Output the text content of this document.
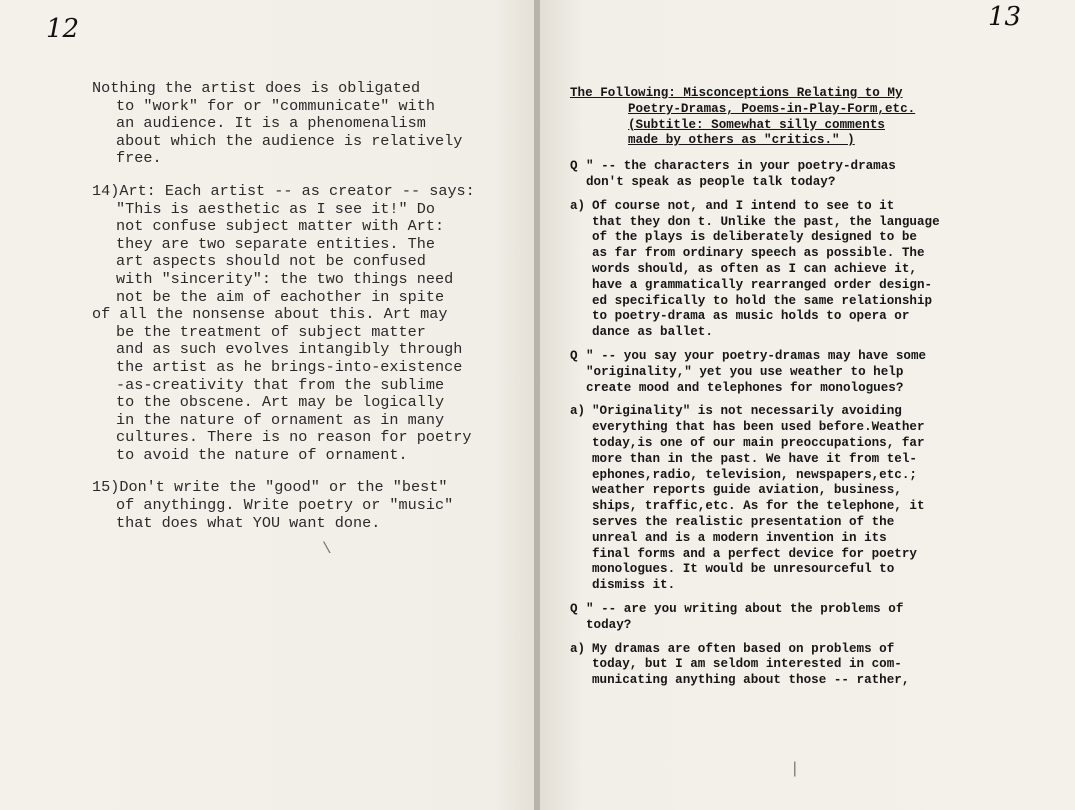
12

Nothing the artist does is obligated

to "work" for or "communicate" with

an audience. It is a phenomenalism

about which the audience is relatively

free.

14)Art: Each artist -- as creator -- says:

"This is aesthetic as I see it!" Do

not confuse subject matter with Art:

they are two separate entities. The

art aspects should not be confused

with "sincerity": the two things need

not be the aim of eachother in spite

of all the nonsense about this. Art may

be the treatment of subject matter

and as such evolves intangibly through

the artist as he brings-into-existence

-as-creativity that from the sublime

to the obscene. Art may be logically

in the nature of ornament as in many

cultures. There is no reason for poetry

to avoid the nature of ornament.

15)Don't write the "good" or the "best"

of anythingg. Write poetry or "music"

that does what YOU want done.

\
13

The Following: Misconceptions Relating to My

Poetry-Dramas, Poems-in-Play-Form,etc.

(Subtitle: Somewhat silly comments

made by others as "critics." )

Q " -- the characters in your poetry-dramas

don't speak as people talk today?

a) Of course not, and I intend to see to it

that they don t. Unlike the past, the language

of the plays is deliberately designed to be

as far from ordinary speech as possible. The

words should, as often as I can achieve it,

have a grammatically rearranged order design-

ed specifically to hold the same relationship

to poetry-drama as music holds to opera or

dance as ballet.

Q " -- you say your poetry-dramas may have some

"originality," yet you use weather to help

create mood and telephones for monologues?

a) "Originality" is not necessarily avoiding

everything that has been used before.Weather

today,is one of our main preoccupations, far

more than in the past. We have it from tel-

ephones,radio, television, newspapers,etc.;

weather reports guide aviation, business,

ships, traffic,etc. As for the telephone, it

serves the realistic presentation of the

unreal and is a modern invention in its

final forms and a perfect device for poetry

monologues. It would be unresourceful to

dismiss it.

Q " -- are you writing about the problems of

today?

a) My dramas are often based on problems of

today, but I am seldom interested in com-

municating anything about those -- rather,

|
